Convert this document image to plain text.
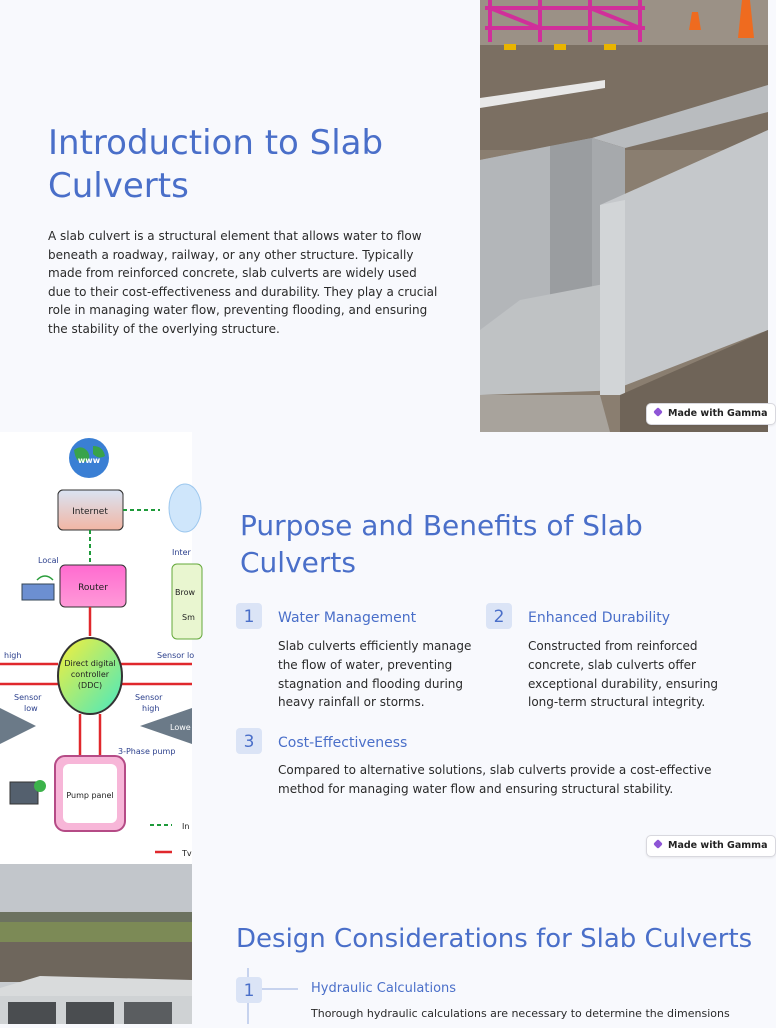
Introduction to Slab Culverts

A slab culvert is a structural element that allows water to flow beneath a roadway, railway, or any other structure. Typically made from reinforced concrete, slab culverts are widely used due to their cost-effectiveness and durability. They play a crucial role in managing water flow, preventing flooding, and ensuring the stability of the overlying structure.

Made with Gamma
www
Internet
Local
Router
Inter
Brow
Sm
Direct digital
controller
(DDC)
high	Sensor lo
Sensor
low
Sensor
high
Lowe
3-Phase pump
Pump panel
In
Tv
Purpose and Benefits of Slab Culverts
1	Water Management
Slab culverts efficiently manage the flow of water, preventing stagnation and flooding during heavy rainfall or storms.
2	Enhanced Durability
Constructed from reinforced concrete, slab culverts offer exceptional durability, ensuring long-term structural integrity.
3	Cost-Effectiveness
Compared to alternative solutions, slab culverts provide a cost-effective method for managing water flow and ensuring structural stability.
Made with Gamma
Design Considerations for Slab Culverts
1	Hydraulic Calculations
Thorough hydraulic calculations are necessary to determine the dimensions
